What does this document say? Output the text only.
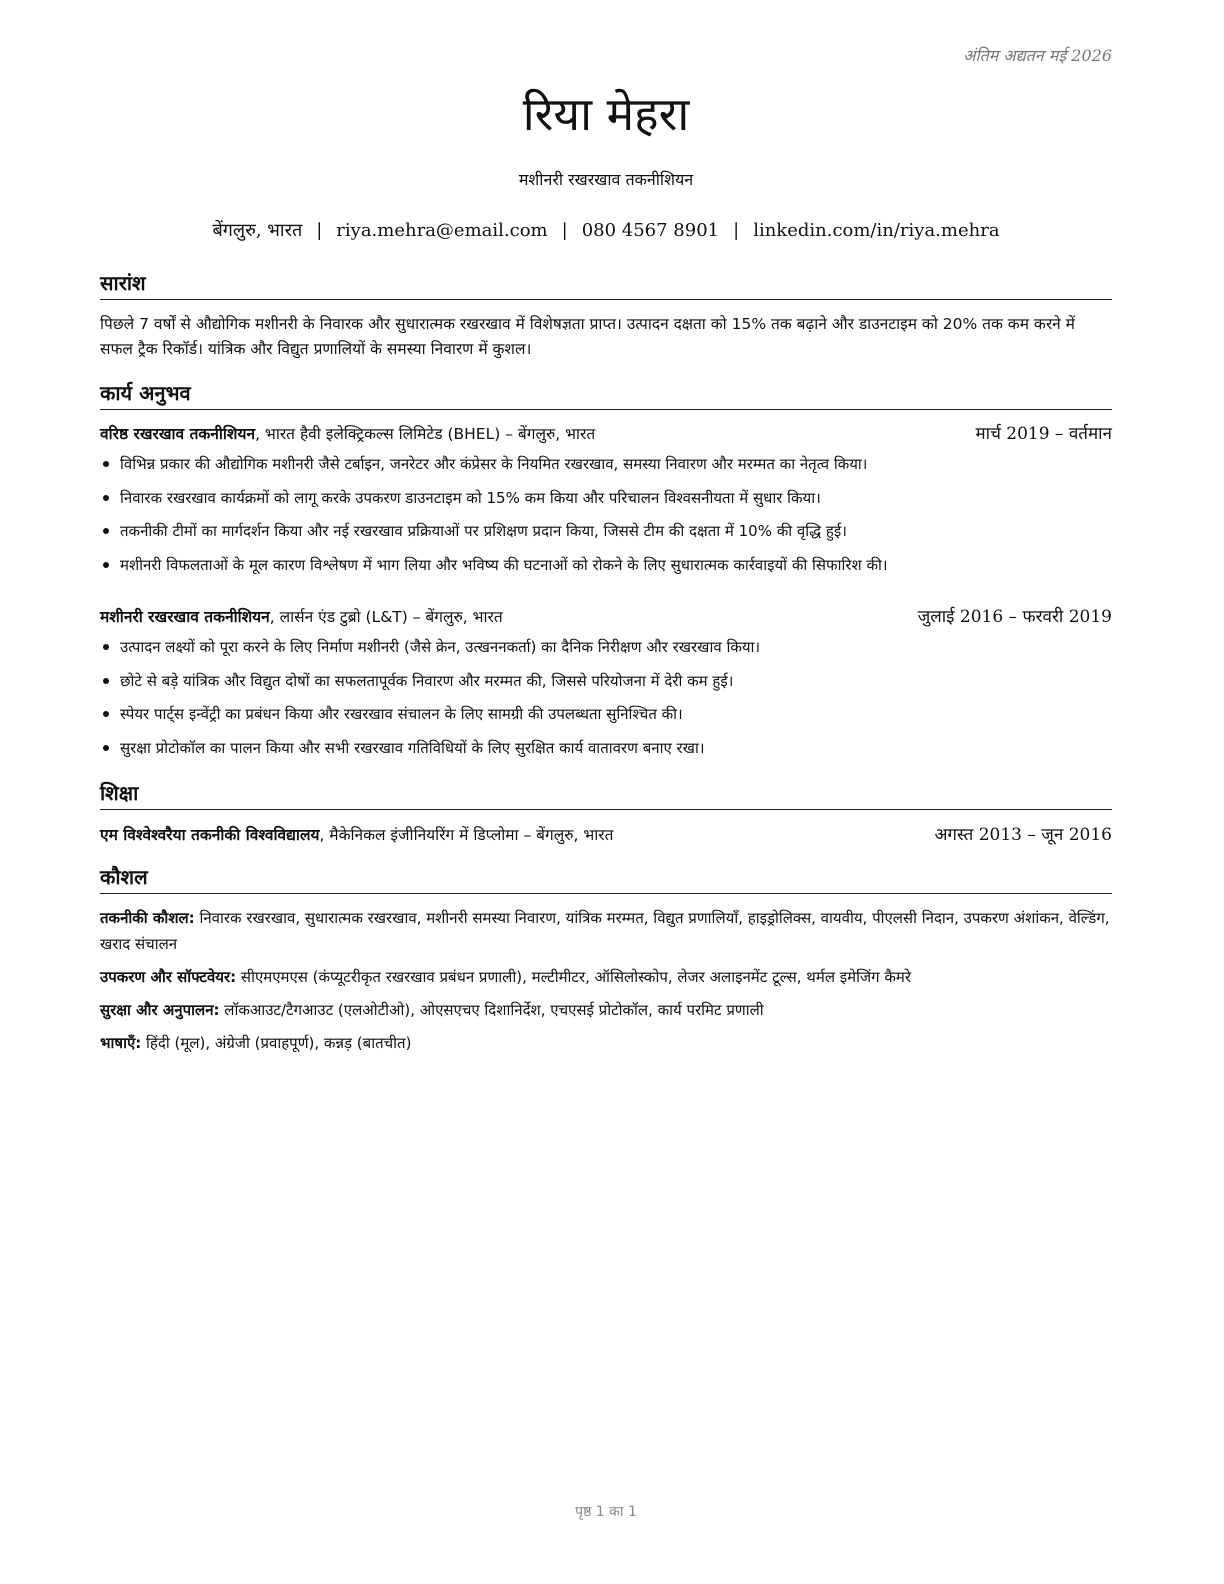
अंतिम अद्यतन मई 2026
रिया मेहरा
मशीनरी रखरखाव तकनीशियन
बेंगलुरु, भारत | riya.mehra@email.com | 080 4567 8901 | linkedin.com/in/riya.mehra
सारांश

पिछले 7 वर्षों से औद्योगिक मशीनरी के निवारक और सुधारात्मक रखरखाव में विशेषज्ञता प्राप्त। उत्पादन दक्षता को 15% तक बढ़ाने और डाउनटाइम को 20% तक कम करने में सफल ट्रैक रिकॉर्ड। यांत्रिक और विद्युत प्रणालियों के समस्या निवारण में कुशल।

कार्य अनुभव
वरिष्ठ रखरखाव तकनीशियन, भारत हैवी इलेक्ट्रिकल्स लिमिटेड (BHEL) – बेंगलुरु, भारत	मार्च 2019 – वर्तमान
विभिन्न प्रकार की औद्योगिक मशीनरी जैसे टर्बाइन, जनरेटर और कंप्रेसर के नियमित रखरखाव, समस्या निवारण और मरम्मत का नेतृत्व किया।
निवारक रखरखाव कार्यक्रमों को लागू करके उपकरण डाउनटाइम को 15% कम किया और परिचालन विश्वसनीयता में सुधार किया।
तकनीकी टीमों का मार्गदर्शन किया और नई रखरखाव प्रक्रियाओं पर प्रशिक्षण प्रदान किया, जिससे टीम की दक्षता में 10% की वृद्धि हुई।
मशीनरी विफलताओं के मूल कारण विश्लेषण में भाग लिया और भविष्य की घटनाओं को रोकने के लिए सुधारात्मक कार्रवाइयों की सिफारिश की।
मशीनरी रखरखाव तकनीशियन, लार्सन एंड टुब्रो (L&T) – बेंगलुरु, भारत	जुलाई 2016 – फरवरी 2019
उत्पादन लक्ष्यों को पूरा करने के लिए निर्माण मशीनरी (जैसे क्रेन, उत्खननकर्ता) का दैनिक निरीक्षण और रखरखाव किया।
छोटे से बड़े यांत्रिक और विद्युत दोषों का सफलतापूर्वक निवारण और मरम्मत की, जिससे परियोजना में देरी कम हुई।
स्पेयर पार्ट्स इन्वेंट्री का प्रबंधन किया और रखरखाव संचालन के लिए सामग्री की उपलब्धता सुनिश्चित की।
सुरक्षा प्रोटोकॉल का पालन किया और सभी रखरखाव गतिविधियों के लिए सुरक्षित कार्य वातावरण बनाए रखा।
शिक्षा
एम विश्वेश्वरैया तकनीकी विश्वविद्यालय, मैकेनिकल इंजीनियरिंग में डिप्लोमा – बेंगलुरु, भारत	अगस्त 2013 – जून 2016
कौशल
तकनीकी कौशल: निवारक रखरखाव, सुधारात्मक रखरखाव, मशीनरी समस्या निवारण, यांत्रिक मरम्मत, विद्युत प्रणालियाँ, हाइड्रोलिक्स, वायवीय, पीएलसी निदान, उपकरण अंशांकन, वेल्डिंग, खराद संचालन
उपकरण और सॉफ्टवेयर: सीएमएमएस (कंप्यूटरीकृत रखरखाव प्रबंधन प्रणाली), मल्टीमीटर, ऑसिलोस्कोप, लेजर अलाइनमेंट टूल्स, थर्मल इमेजिंग कैमरे
सुरक्षा और अनुपालन: लॉकआउट/टैगआउट (एलओटीओ), ओएसएचए दिशानिर्देश, एचएसई प्रोटोकॉल, कार्य परमिट प्रणाली
भाषाएँ: हिंदी (मूल), अंग्रेजी (प्रवाहपूर्ण), कन्नड़ (बातचीत)
पृष्ठ 1 का 1
